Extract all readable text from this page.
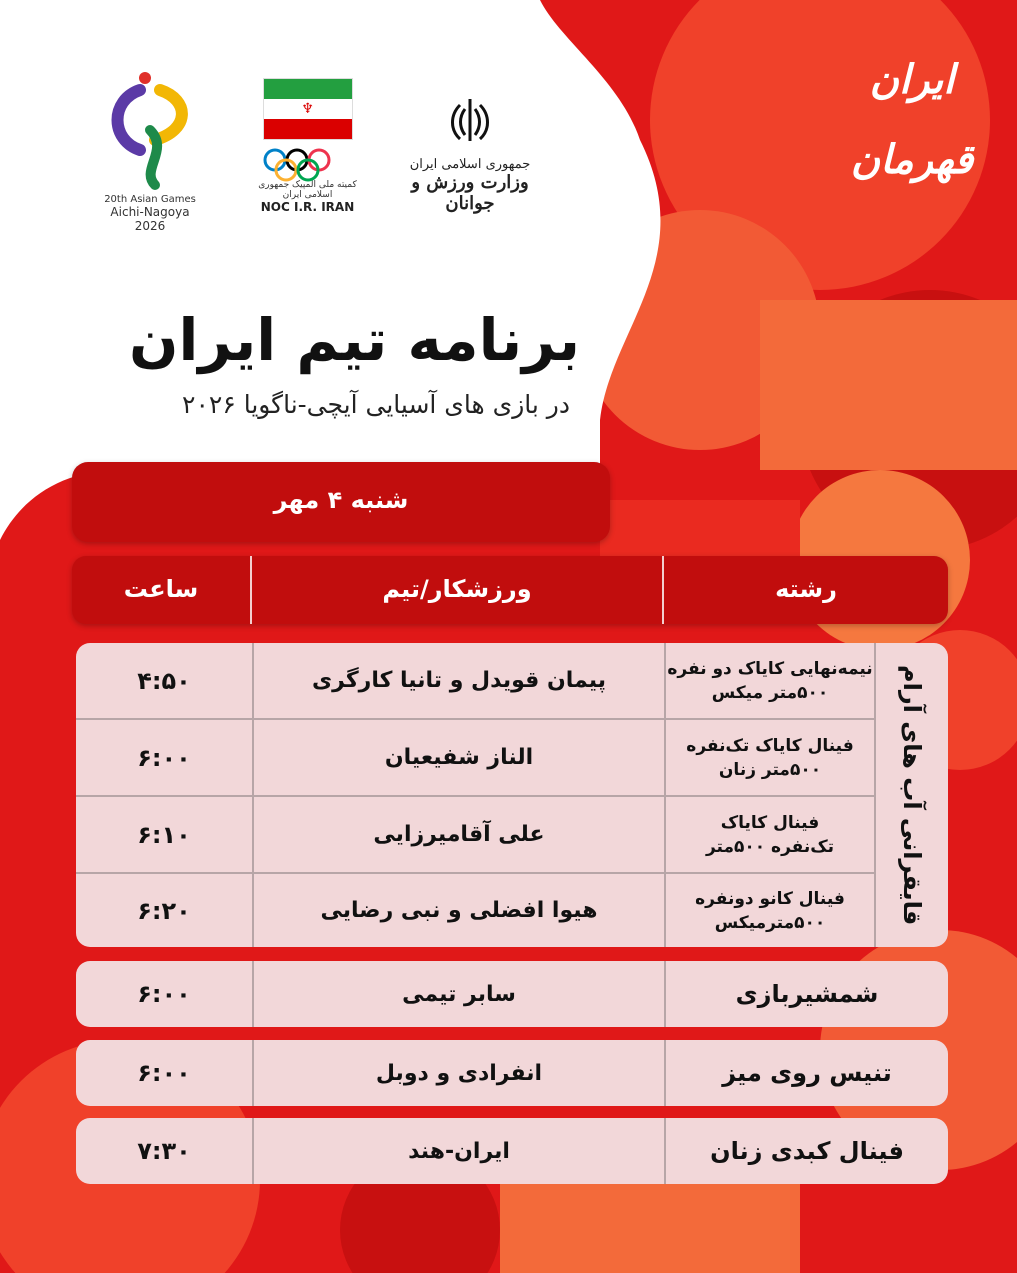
ایران قهرمان
20th Asian Games
Aichi-Nagoya 2026
♆
کمیته ملی المپیک جمهوری اسلامی ایران
NOC I.R. IRAN
جمهوری اسلامی ایران
وزارت ورزش و جوانان
برنامه تیم ایران
در بازی های آسیایی آیچی-ناگویا ۲۰۲۶
شنبه ۴ مهر
رشته
ورزشکار/تیم
ساعت
قایقرانی آب های آرام
نیمه‌نهایی کایاک دو نفره
۵۰۰متر میکس
پیمان قویدل و تانیا کارگری
۴:۵۰
فینال کایاک تک‌نفره
۵۰۰متر زنان
الناز شفیعیان
۶:۰۰
فینال کایاک
تک‌نفره ۵۰۰متر
علی آقامیرزایی
۶:۱۰
فینال کانو دونفره
۵۰۰مترمیکس
هیوا افضلی و نبی رضایی
۶:۲۰
شمشیربازی
سابر تیمی
۶:۰۰
تنیس روی میز
انفرادی و دوبل
۶:۰۰
فینال کبدی زنان
ایران-هند
۷:۳۰
